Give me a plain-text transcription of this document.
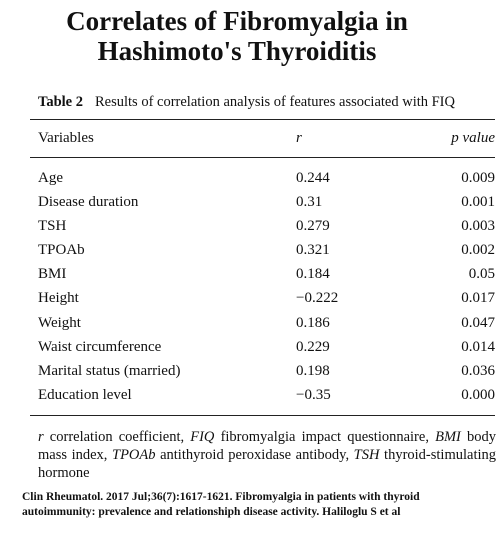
Correlates of Fibromyalgia in
Hashimoto's Thyroiditis
Table 2 Results of correlation analysis of features associated with FIQ
Variables	r	p value
Age	0.244	0.009
Disease duration	0.31	0.001
TSH	0.279	0.003
TPOAb	0.321	0.002
BMI	0.184	0.05
Height	−0.222	0.017
Weight	0.186	0.047
Waist circumference	0.229	0.014
Marital status (married)	0.198	0.036
Education level	−0.35	0.000
r correlation coefficient, FIQ fibromyalgia impact questionnaire, BMI body mass index, TPOAb antithyroid peroxidase antibody, TSH thyroid-stimulating hormone
Clin Rheumatol. 2017 Jul;36(7):1617-1621. Fibromyalgia in patients with thyroid autoimmunity: prevalence and relationshiph disease activity. Haliloglu S et al
